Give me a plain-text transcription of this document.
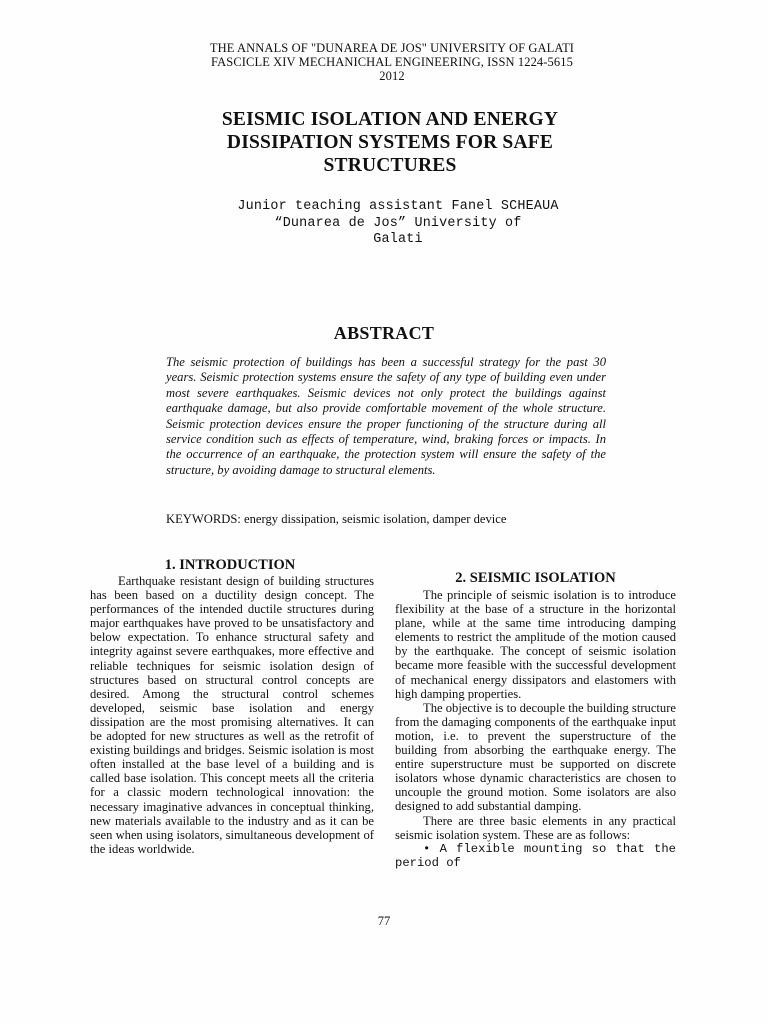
THE ANNALS OF "DUNAREA DE JOS" UNIVERSITY OF GALATI
FASCICLE XIV MECHANICHAL ENGINEERING, ISSN 1224-5615
2012
SEISMIC ISOLATION AND ENERGY
DISSIPATION SYSTEMS FOR SAFE
STRUCTURES
Junior teaching assistant Fanel SCHEAUA
“Dunarea de Jos” University of
Galati
ABSTRACT
The seismic protection of buildings has been a successful strategy for the past 30 years. Seismic protection systems ensure the safety of any type of building even under most severe earthquakes. Seismic devices not only protect the buildings against earthquake damage, but also provide comfortable movement of the whole structure. Seismic protection devices ensure the proper functioning of the structure during all service condition such as effects of temperature, wind, braking forces or impacts. In the occurrence of an earthquake, the protection system will ensure the safety of the structure, by avoiding damage to structural elements.
KEYWORDS: energy dissipation, seismic isolation, damper device
1. INTRODUCTION

Earthquake resistant design of building structures has been based on a ductility design concept. The performances of the intended ductile structures during major earthquakes have proved to be unsatisfactory and below expectation. To enhance structural safety and integrity against severe earthquakes, more effective and reliable techniques for seismic isolation design of structures based on structural control concepts are desired. Among the structural control schemes developed, seismic base isolation and energy dissipation are the most promising alternatives. It can be adopted for new structures as well as the retrofit of existing buildings and bridges. Seismic isolation is most often installed at the base level of a building and is called base isolation. This concept meets all the criteria for a classic modern technological innovation: the necessary imaginative advances in conceptual thinking, new materials available to the industry and as it can be seen when using isolators, simultaneous development of the ideas worldwide.

2. SEISMIC ISOLATION

The principle of seismic isolation is to introduce flexibility at the base of a structure in the horizontal plane, while at the same time introducing damping elements to restrict the amplitude of the motion caused by the earthquake. The concept of seismic isolation became more feasible with the successful development of mechanical energy dissipators and elastomers with high damping properties.

The objective is to decouple the building structure from the damaging components of the earthquake input motion, i.e. to prevent the superstructure of the building from absorbing the earthquake energy. The entire superstructure must be supported on discrete isolators whose dynamic characteristics are chosen to uncouple the ground motion. Some isolators are also designed to add substantial damping.

There are three basic elements in any practical seismic isolation system. These are as follows:

• A flexible mounting so that the period of

77
